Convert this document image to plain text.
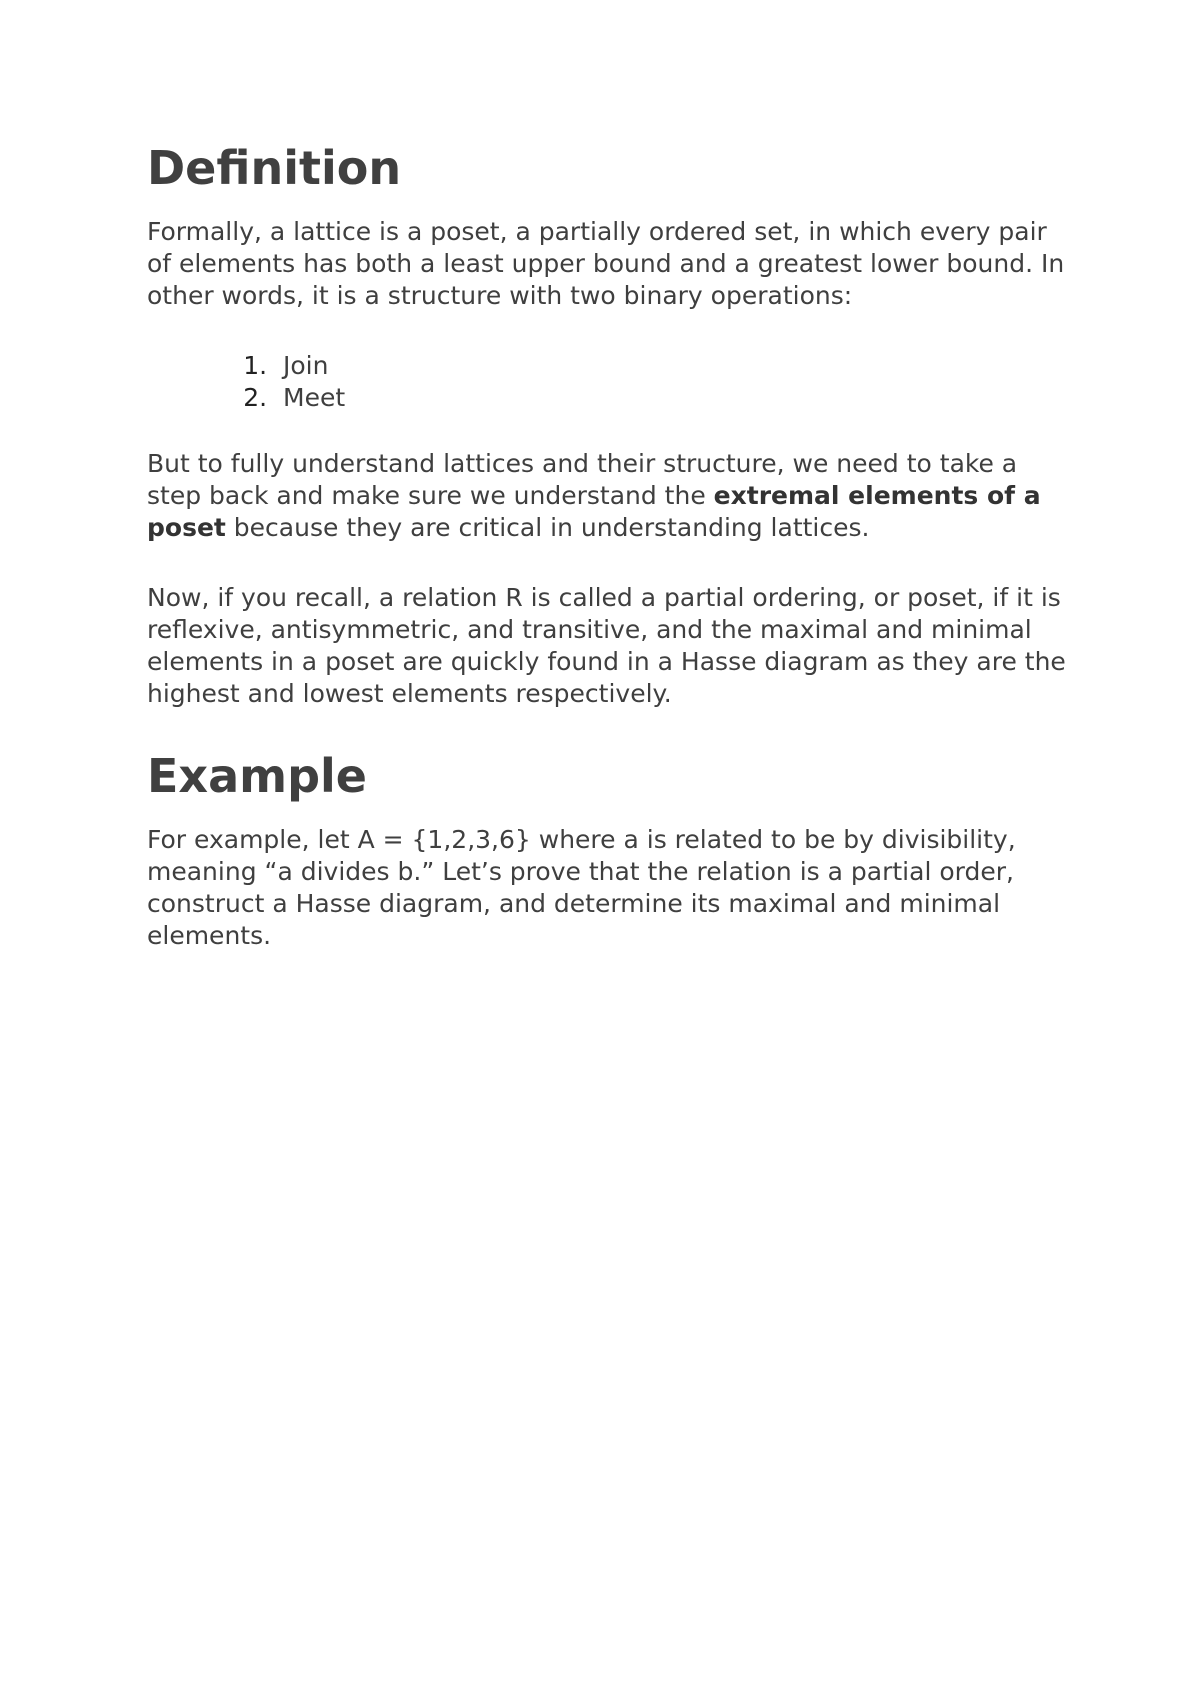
Definition

Formally, a lattice is a poset, a partially ordered set, in which every pair of elements has both a least upper bound and a greatest lower bound. In other words, it is a structure with two binary operations:

1. Join
2. Meet

But to fully understand lattices and their structure, we need to take a step back and make sure we understand the extremal elements of a poset because they are critical in understanding lattices.

Now, if you recall, a relation R is called a partial ordering, or poset, if it is reflexive, antisymmetric, and transitive, and the maximal and minimal elements in a poset are quickly found in a Hasse diagram as they are the highest and lowest elements respectively.

Example

For example, let A = {1,2,3,6} where a is related to be by divisibility, meaning “a divides b.” Let’s prove that the relation is a partial order, construct a Hasse diagram, and determine its maximal and minimal elements.
